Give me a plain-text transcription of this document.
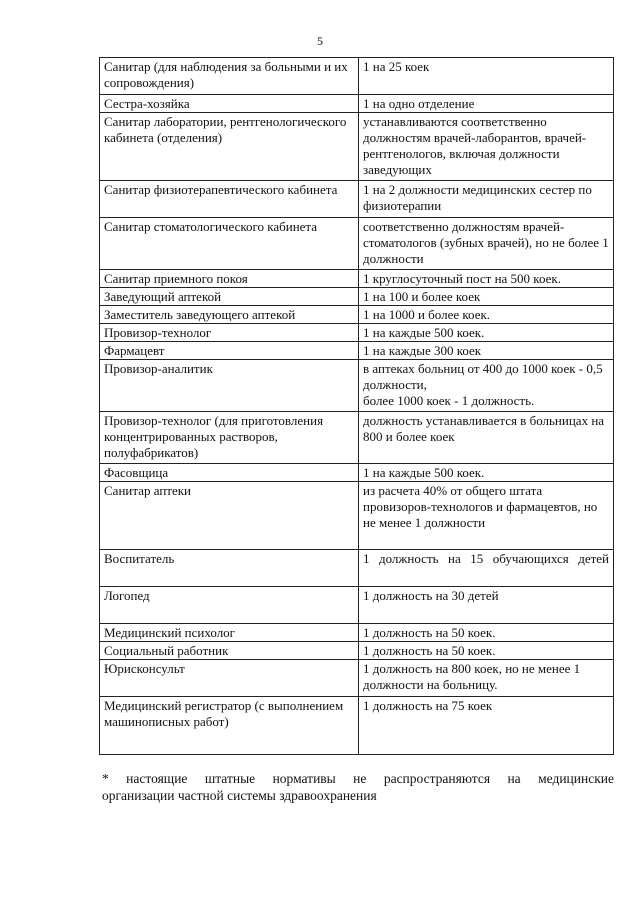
5
Санитар (для наблюдения за больными и их сопровождения)	1 на 25 коек
Сестра-хозяйка	1 на одно отделение
Санитар лаборатории, рентгенологического кабинета (отделения)	устанавливаются соответственно должностям врачей-лаборантов, врачей-рентгенологов, включая должности заведующих
Санитар физиотерапевтического кабинета	1 на 2 должности медицинских сестер по физиотерапии
Санитар стоматологического кабинета	соответственно должностям врачей-стоматологов (зубных врачей), но не более 1 должности
Санитар приемного покоя	1 круглосуточный пост на 500 коек.
Заведующий аптекой	1 на 100 и более коек
Заместитель заведующего аптекой	1 на 1000 и более коек.
Провизор-технолог	1 на каждые 500 коек.
Фармацевт	1 на каждые 300 коек
Провизор-аналитик	в аптеках больниц от 400 до 1000 коек - 0,5 должности,
более 1000 коек - 1 должность.

Провизор-технолог (для приготовления концентрированных растворов, полуфабрикатов)	должность устанавливается в больницах на 800 и более коек
Фасовщица	1 на каждые 500 коек.
Санитар аптеки	из расчета 40% от общего штата провизоров-технологов и фармацевтов, но не менее 1 должности
Воспитатель	1 должность на 15 обучающихся детей
Логопед	1 должность на 30 детей
Медицинский психолог	1 должность на 50 коек.
Социальный работник	1 должность на 50 коек.
Юрисконсульт	1 должность на 800 коек, но не менее 1 должности на больницу.
Медицинский регистратор (с выполнением машинописных работ)	1 должность на 75 коек
* настоящие штатные нормативы не распространяются на медицинские
организации частной системы здравоохранения
